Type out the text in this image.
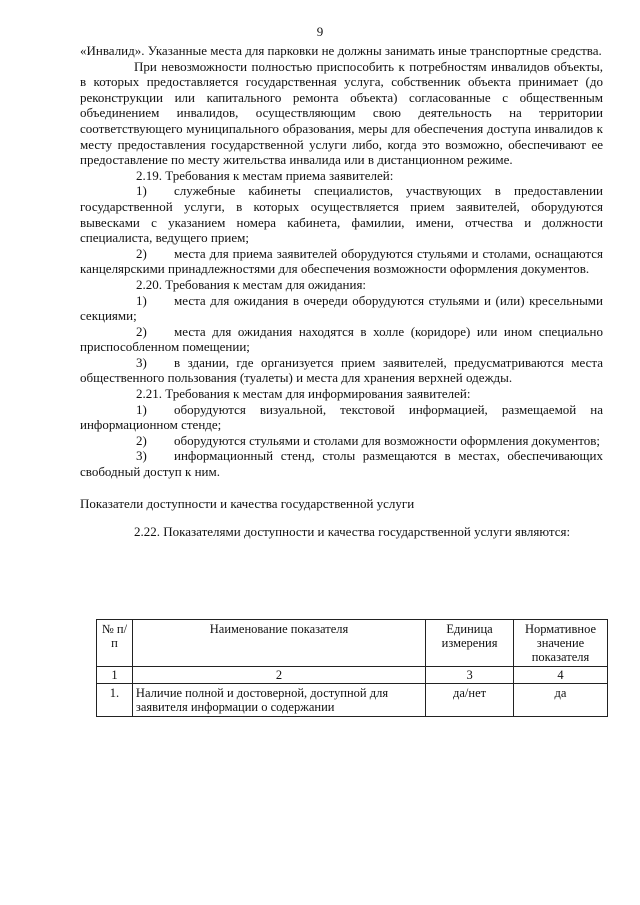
9

«Инвалид». Указанные места для парковки не должны занимать иные транспортные средства.

При невозможности полностью приспособить к потребностям инвалидов объекты, в которых предоставляется государственная услуга, собственник объекта принимает (до реконструкции или капитального ремонта объекта) согласованные с общественным объединением инвалидов, осуществляющим свою деятельность на территории соответствующего муниципального образования, меры для обеспечения доступа инвалидов к месту предоставления государственной услуги либо, когда это возможно, обеспечивают ее предоставление по месту жительства инвалида или в дистанционном режиме.

2.19. Требования к местам приема заявителей:

1) служебные кабинеты специалистов, участвующих в предоставлении государственной услуги, в которых осуществляется прием заявителей, оборудуются вывесками с указанием номера кабинета, фамилии, имени, отчества и должности специалиста, ведущего прием;

2) места для приема заявителей оборудуются стульями и столами, оснащаются канцелярскими принадлежностями для обеспечения возможности оформления документов.

2.20. Требования к местам для ожидания:

1) места для ожидания в очереди оборудуются стульями и (или) кресельными секциями;

2) места для ожидания находятся в холле (коридоре) или ином специально приспособленном помещении;

3) в здании, где организуется прием заявителей, предусматриваются места общественного пользования (туалеты) и места для хранения верхней одежды.

2.21. Требования к местам для информирования заявителей:

1) оборудуются визуальной, текстовой информацией, размещаемой на информационном стенде;

2) оборудуются стульями и столами для возможности оформления документов;

3) информационный стенд, столы размещаются в местах, обеспечивающих свободный доступ к ним.

Показатели доступности и качества государственной услуги

2.22. Показателями доступности и качества государственной услуги являются:

№ п/п	Наименование показателя	Единица измерения	Нормативное значение показателя
1	2	3	4
1.	Наличие полной и достоверной, доступной для заявителя информации о содержании	да/нет	да
